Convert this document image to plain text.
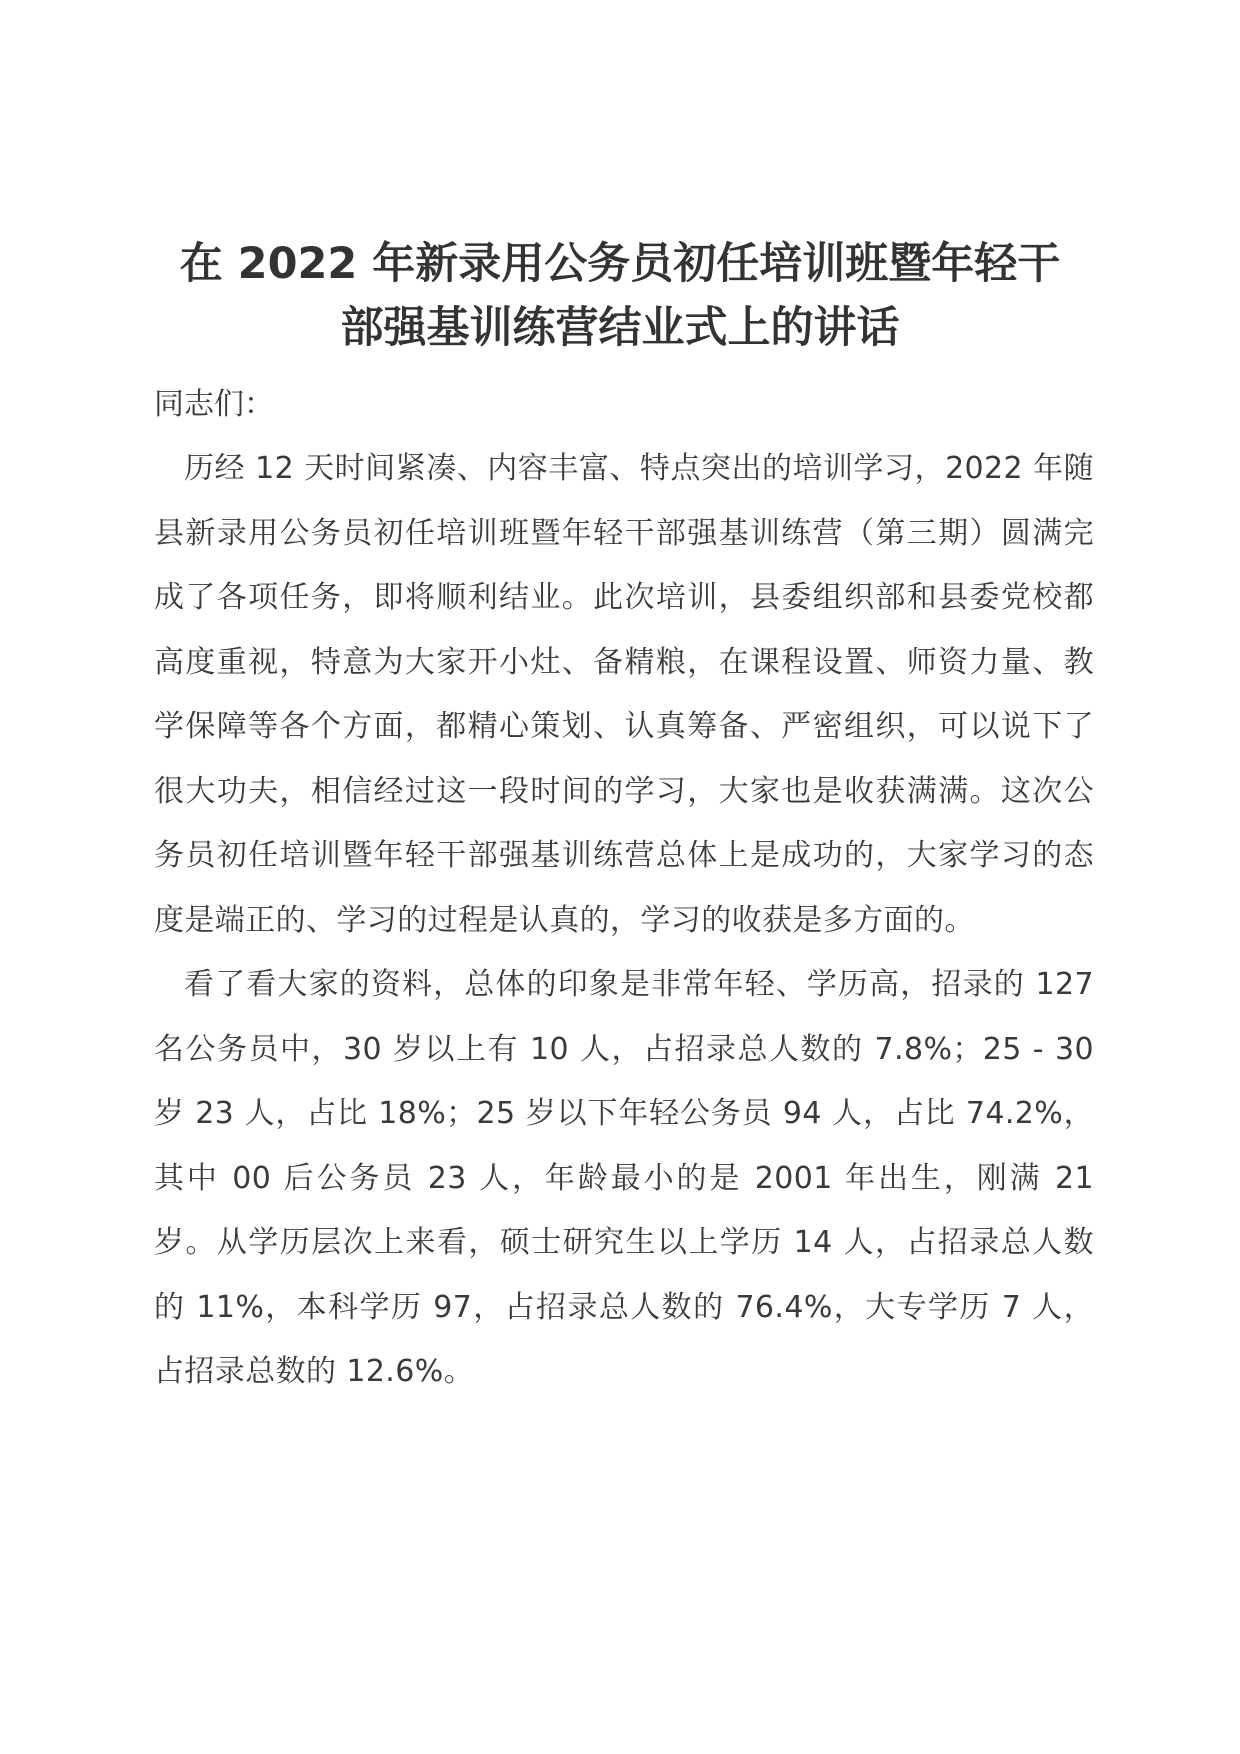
在 2022 年新录用公务员初任培训班暨年轻干
部强基训练营结业式上的讲话

同志们：

历经 12 天时间紧凑、内容丰富、特点突出的培训学习，2022 年随县新录用公务员初任培训班暨年轻干部强基训练营（第三期）圆满完成了各项任务，即将顺利结业。此次培训，县委组织部和县委党校都高度重视，特意为大家开小灶、备精粮，在课程设置、师资力量、教学保障等各个方面，都精心策划、认真筹备、严密组织，可以说下了很大功夫，相信经过这一段时间的学习，大家也是收获满满。这次公务员初任培训暨年轻干部强基训练营总体上是成功的，大家学习的态度是端正的、学习的过程是认真的，学习的收获是多方面的。

看了看大家的资料，总体的印象是非常年轻、学历高，招录的 127 名公务员中，30 岁以上有 10 人，占招录总人数的 7.8%；25 - 30 岁 23 人，占比 18%；25 岁以下年轻公务员 94 人，占比 74.2%，其中 00 后公务员 23 人，年龄最小的是 2001 年出生，刚满 21 岁。从学历层次上来看，硕士研究生以上学历 14 人，占招录总人数的 11%，本科学历 97，占招录总人数的 76.4%，大专学历 7 人，占招录总数的 12.6%。
